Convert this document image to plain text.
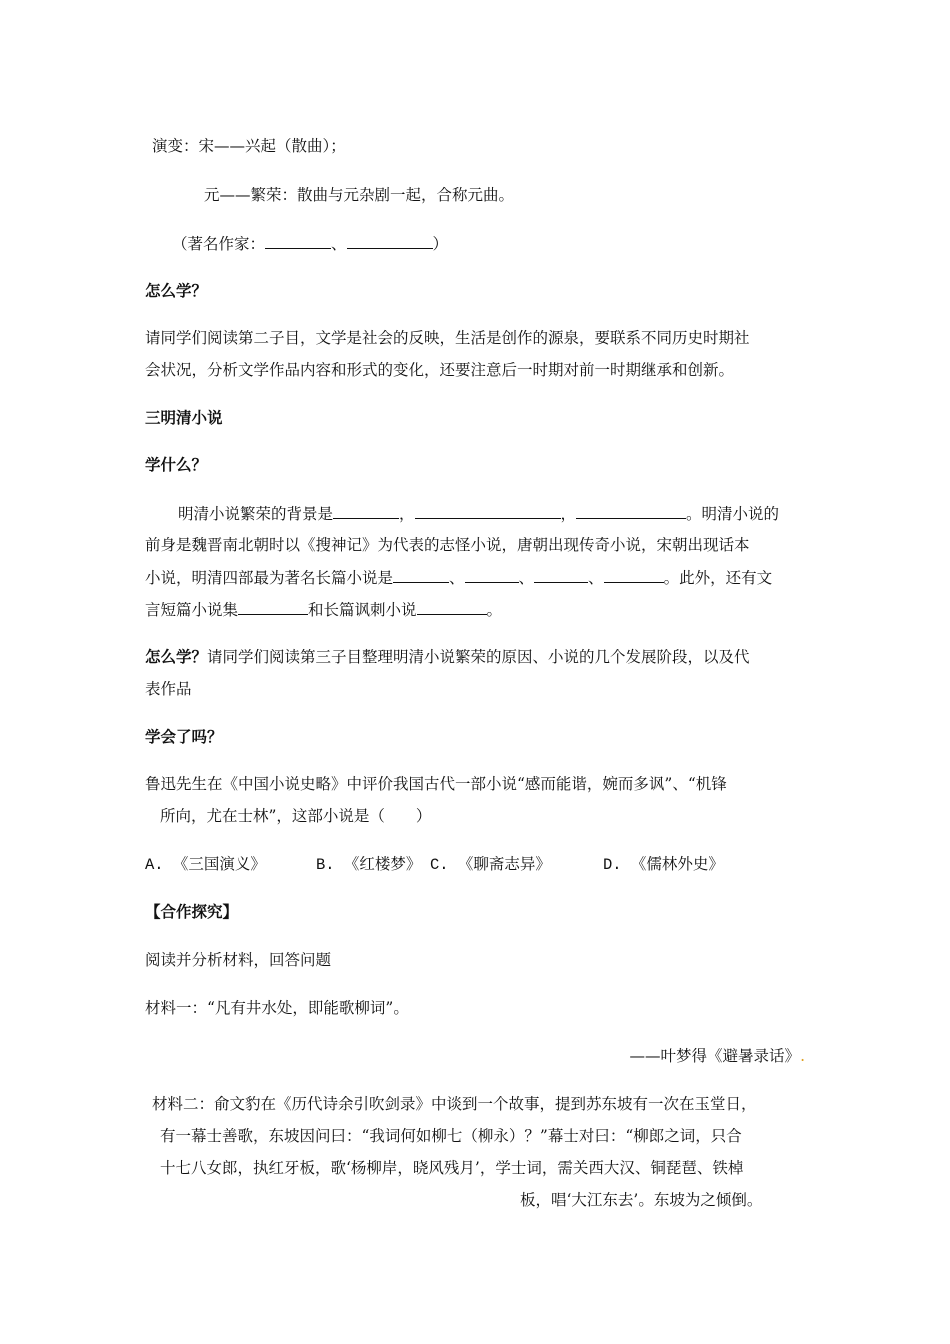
演变：宋——兴起（散曲）；
元——繁荣：散曲与元杂剧一起，合称元曲。
（著名作家：	、	）
怎么学？
请同学们阅读第二子目，文学是社会的反映，生活是创作的源泉，要联系不同历史时期社
会状况，分析文学作品内容和形式的变化，还要注意后一时期对前一时期继承和创新。
三明清小说
学什么？
明清小说繁荣的背景是	，	，	。明清小说的
前身是魏晋南北朝时以《搜神记》为代表的志怪小说，唐朝出现传奇小说，宋朝出现话本
小说，明清四部最为著名长篇小说是	、	、	、	。此外，还有文
言短篇小说集	和长篇讽刺小说	。
怎么学？请同学们阅读第三子目整理明清小说繁荣的原因、小说的几个发展阶段，以及代
表作品
学会了吗？
鲁迅先生在《中国小说史略》中评价我国古代一部小说“感而能谐，婉而多讽”、“机锋
所向，尤在士林”，这部小说是（　　）
A. 《三国演义》	B. 《红楼梦》 C. 《聊斋志异》	D. 《儒林外史》
【合作探究】
阅读并分析材料，回答问题
材料一：“凡有井水处，即能歌柳词”。
——叶梦得《避暑录话》.
材料二：俞文豹在《历代诗余引吹剑录》中谈到一个故事，提到苏东坡有一次在玉堂日，
有一幕士善歌，东坡因问曰：“我词何如柳七（柳永）？”幕士对曰：“柳郎之词，只合
十七八女郎，执红牙板，歌‘杨柳岸，晓风残月’，学士词，需关西大汉、铜琵琶、铁棹
板，唱‘大江东去’。东坡为之倾倒。
